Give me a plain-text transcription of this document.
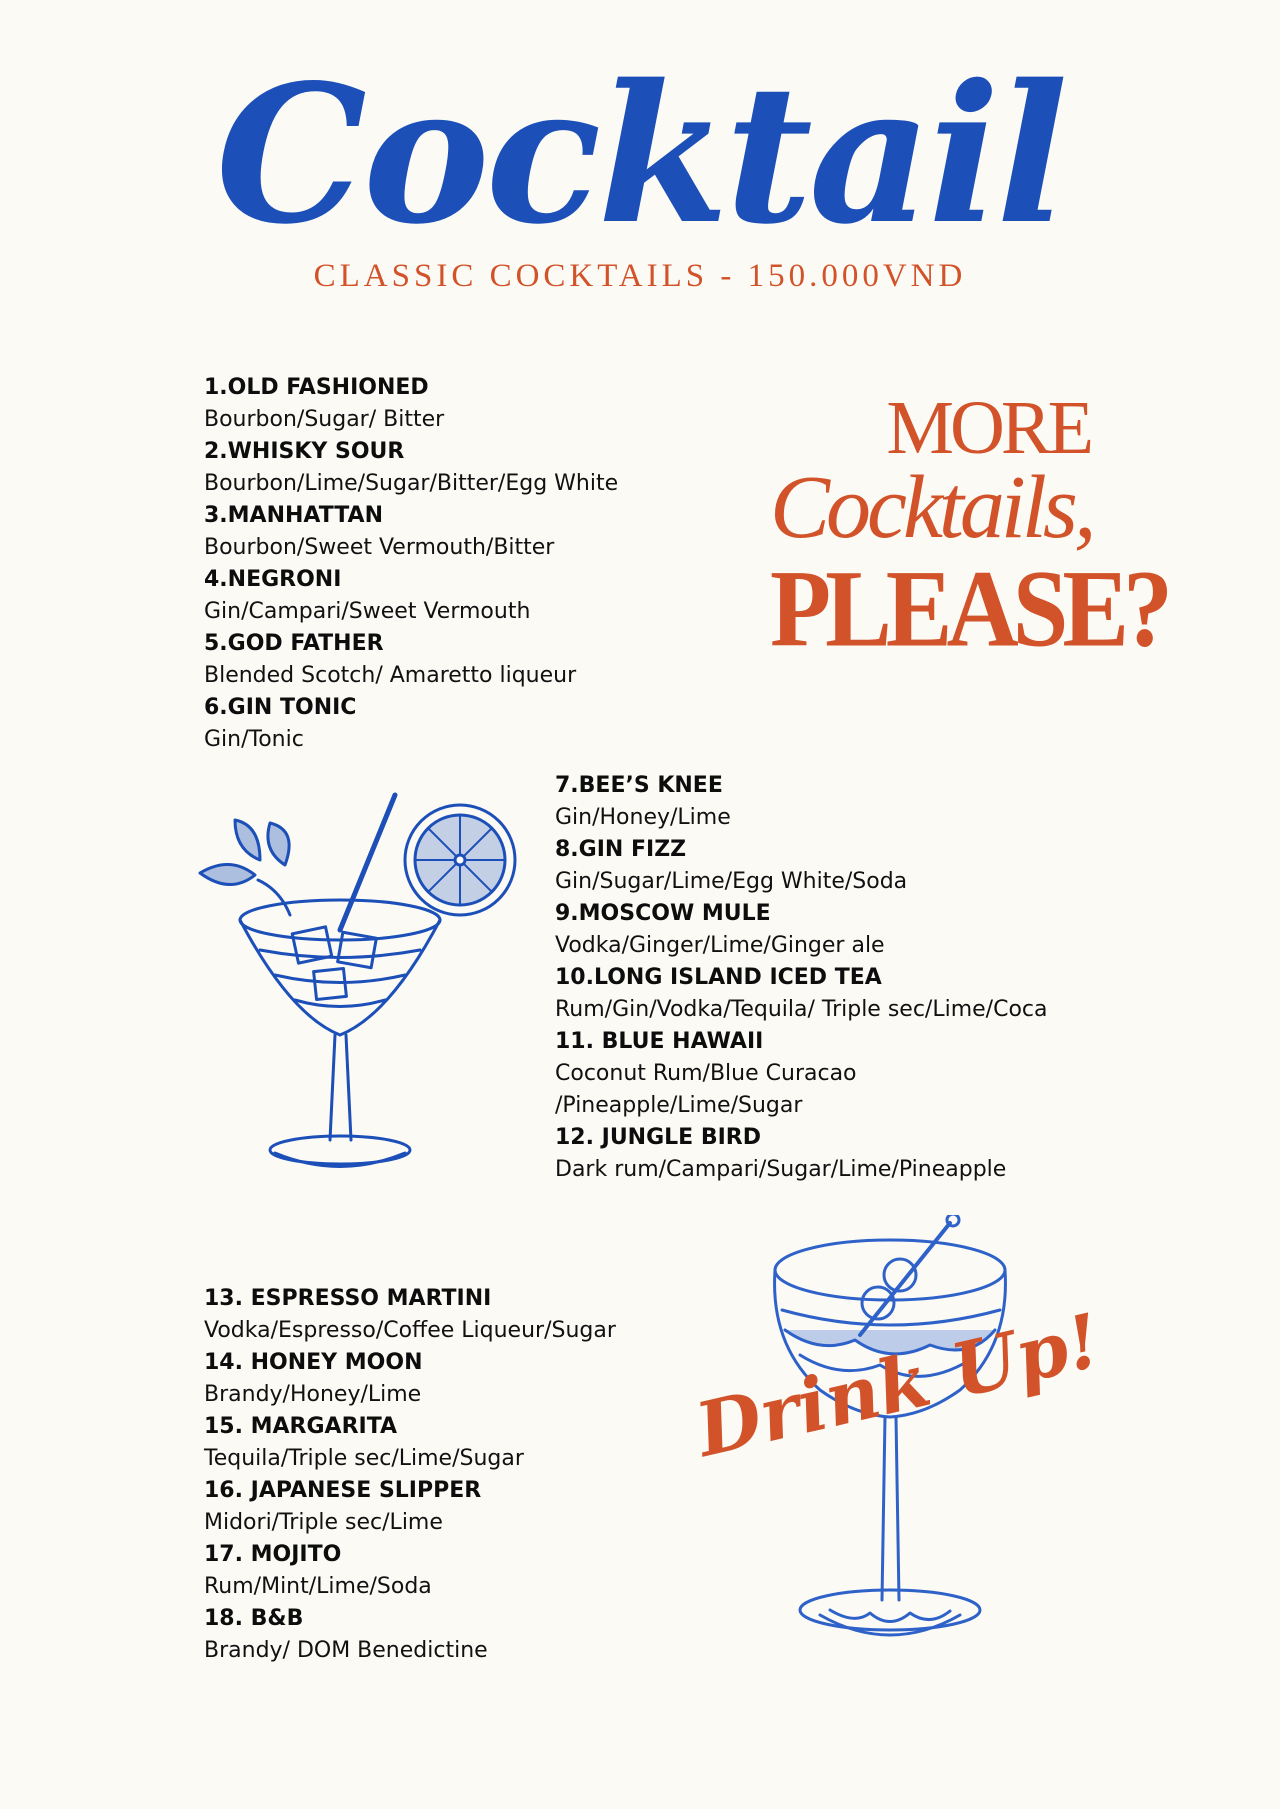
Cocktail
CLASSIC COCKTAILS - 150.000VND
1.OLD FASHIONED
Bourbon/Sugar/ Bitter
2.WHISKY SOUR
Bourbon/Lime/Sugar/Bitter/Egg White
3.MANHATTAN
Bourbon/Sweet Vermouth/Bitter
4.NEGRONI
Gin/Campari/Sweet Vermouth
5.GOD FATHER
Blended Scotch/ Amaretto liqueur
6.GIN TONIC
Gin/Tonic
7.BEE’S KNEE
Gin/Honey/Lime
8.GIN FIZZ
Gin/Sugar/Lime/Egg White/Soda
9.MOSCOW MULE
Vodka/Ginger/Lime/Ginger ale
10.LONG ISLAND ICED TEA
Rum/Gin/Vodka/Tequila/ Triple sec/Lime/Coca
11. BLUE HAWAII
Coconut Rum/Blue Curacao
/Pineapple/Lime/Sugar
12. JUNGLE BIRD
Dark rum/Campari/Sugar/Lime/Pineapple
13. ESPRESSO MARTINI
Vodka/Espresso/Coffee Liqueur/Sugar
14. HONEY MOON
Brandy/Honey/Lime
15. MARGARITA
Tequila/Triple sec/Lime/Sugar
16. JAPANESE SLIPPER
Midori/Triple sec/Lime
17. MOJITO
Rum/Mint/Lime/Soda
18. B&B
Brandy/ DOM Benedictine
MORE
Cocktails,
PLEASE?
Drink Up!
